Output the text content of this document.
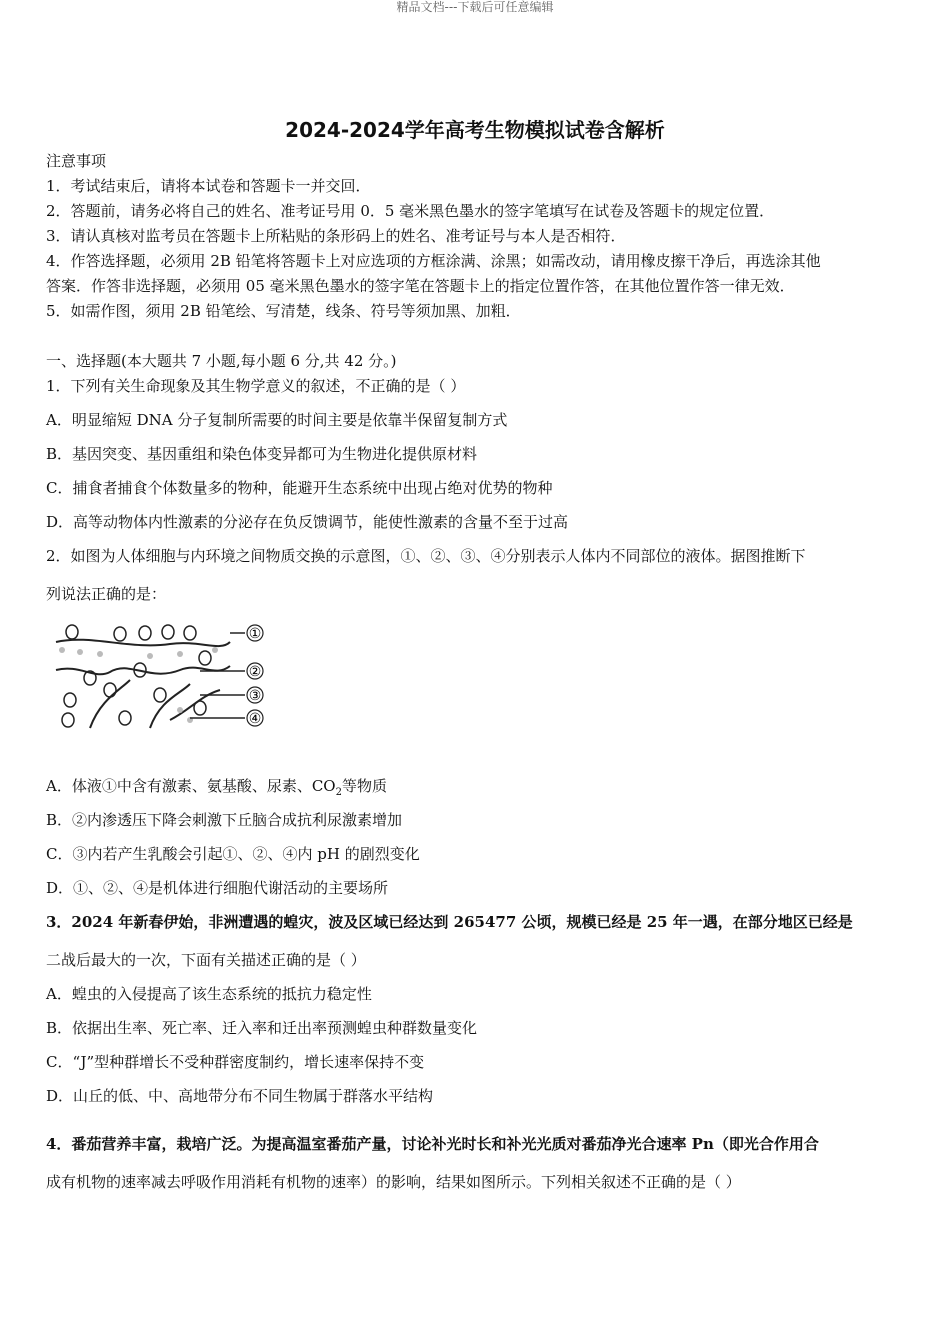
精品文档---下载后可任意编辑
2024-2024学年高考生物模拟试卷含解析
注意事项
1．考试结束后，请将本试卷和答题卡一并交回．
2．答题前，请务必将自己的姓名、准考证号用 0．5 毫米黑色墨水的签字笔填写在试卷及答题卡的规定位置．
3．请认真核对监考员在答题卡上所粘贴的条形码上的姓名、准考证号与本人是否相符．
4．作答选择题，必须用 2B 铅笔将答题卡上对应选项的方框涂满、涂黑；如需改动，请用橡皮擦干净后，再选涂其他
答案．作答非选择题，必须用 05 毫米黑色墨水的签字笔在答题卡上的指定位置作答，在其他位置作答一律无效．
5．如需作图，须用 2B 铅笔绘、写清楚，线条、符号等须加黑、加粗．
一、选择题(本大题共 7 小题,每小题 6 分,共 42 分。)
1．下列有关生命现象及其生物学意义的叙述，不正确的是（ ）
A．明显缩短 DNA 分子复制所需要的时间主要是依靠半保留复制方式
B．基因突变、基因重组和染色体变异都可为生物进化提供原材料
C．捕食者捕食个体数量多的物种，能避开生态系统中出现占绝对优势的物种
D．高等动物体内性激素的分泌存在负反馈调节，能使性激素的含量不至于过高
2．如图为人体细胞与内环境之间物质交换的示意图，①、②、③、④分别表示人体内不同部位的液体。据图推断下
列说法正确的是：
①
②
③
④
A．体液①中含有激素、氨基酸、尿素、$CO_2$等物质
B．②内渗透压下降会刺激下丘脑合成抗利尿激素增加
C．③内若产生乳酸会引起①、②、④内 pH 的剧烈变化
D．①、②、④是机体进行细胞代谢活动的主要场所
3．2024 年新春伊始，非洲遭遇的蝗灾，波及区域已经达到 265477 公顷，规模已经是 25 年一遇，在部分地区已经是
二战后最大的一次，下面有关描述正确的是（ ）
A．蝗虫的入侵提高了该生态系统的抵抗力稳定性
B．依据出生率、死亡率、迁入率和迁出率预测蝗虫种群数量变化
C．“J”型种群增长不受种群密度制约，增长速率保持不变
D．山丘的低、中、高地带分布不同生物属于群落水平结构
4．番茄营养丰富，栽培广泛。为提高温室番茄产量，讨论补光时长和补光光质对番茄净光合速率 Pn（即光合作用合
成有机物的速率减去呼吸作用消耗有机物的速率）的影响，结果如图所示。下列相关叙述不正确的是（ ）
